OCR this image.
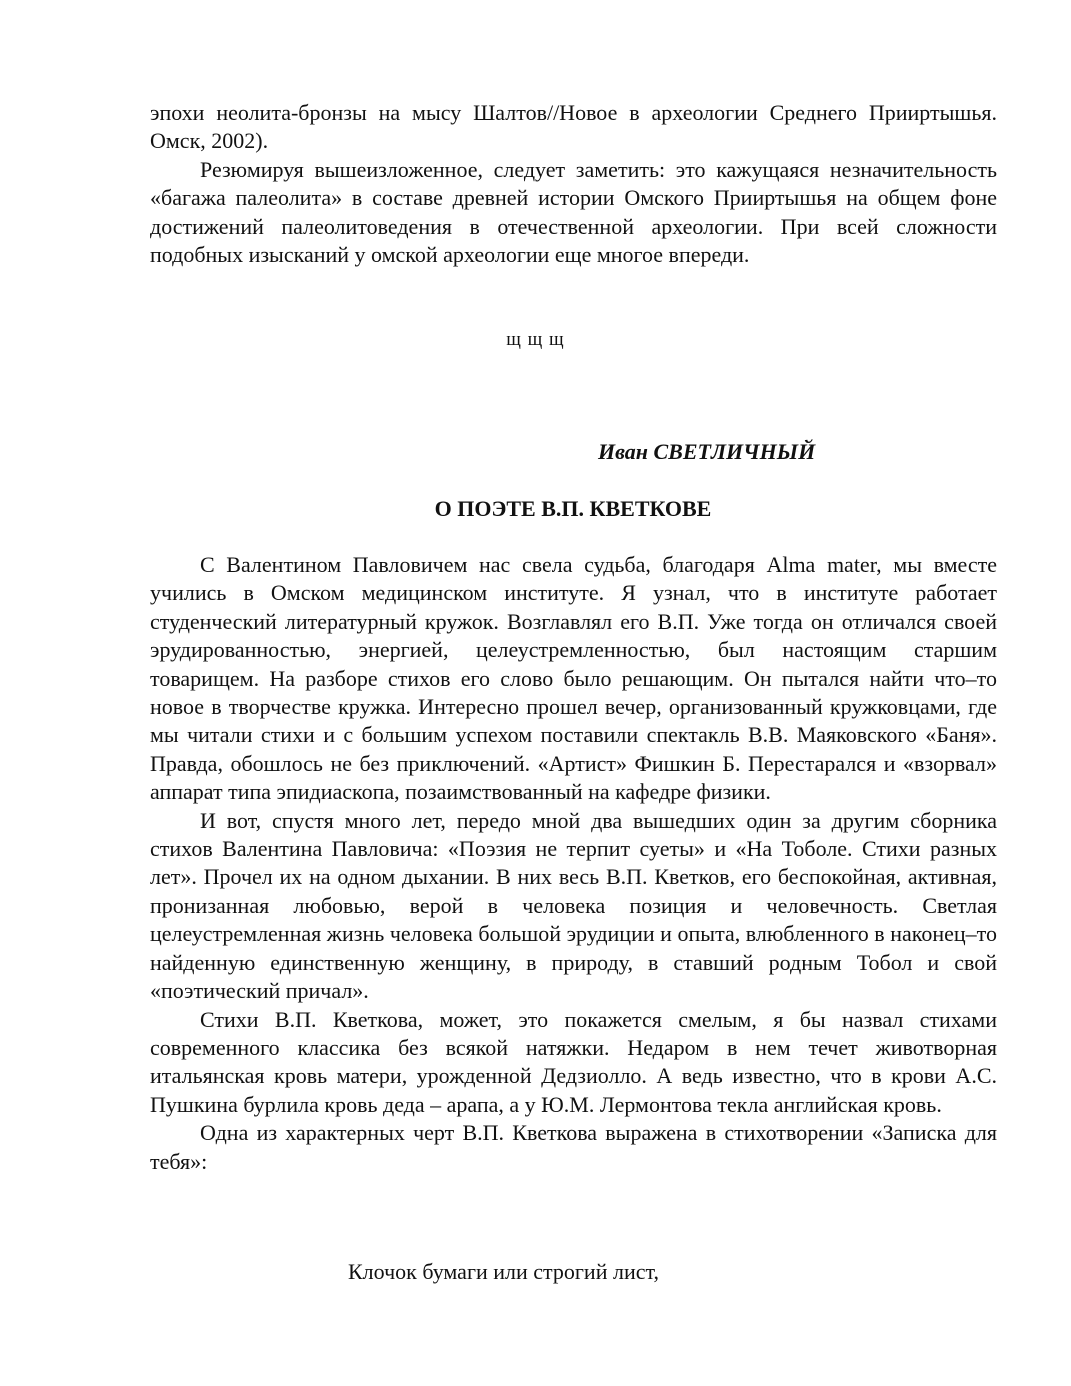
эпохи неолита-бронзы на мысу Шалтов//Новое в археологии Среднего Прииртышья. Омск, 2002).

Резюмируя вышеизложенное, следует заметить: это кажущаяся незначительность «багажа палеолита» в составе древней истории Омского Прииртышья на общем фоне достижений палеолитоведения в отечественной археологии. При всей сложности подобных изысканий у омской археологии еще многое впереди.

щ щ щ
Иван СВЕТЛИЧНЫЙ
О ПОЭТЕ В.П. КВЕТКОВЕ

С Валентином Павловичем нас свела судьба, благодаря Alma mater, мы вместе учились в Омском медицинском институте. Я узнал, что в институте работает студенческий литературный кружок. Возглавлял его В.П. Уже тогда он отличался своей эрудированностью, энергией, целеустремленностью, был настоящим старшим товарищем. На разборе стихов его слово было решающим. Он пытался найти что–то новое в творчестве кружка. Интересно прошел вечер, организованный кружковцами, где мы читали стихи и с большим успехом поставили спектакль В.В. Маяковского «Баня». Правда, обошлось не без приключений. «Артист» Фишкин Б. Перестарался и «взорвал» аппарат типа эпидиаскопа, позаимствованный на кафедре физики.

И вот, спустя много лет, передо мной два вышедших один за другим сборника стихов Валентина Павловича: «Поэзия не терпит суеты» и «На Тоболе. Стихи разных лет». Прочел их на одном дыхании. В них весь В.П. Кветков, его беспокойная, активная, пронизанная любовью, верой в человека позиция и человечность. Светлая целеустремленная жизнь человека большой эрудиции и опыта, влюбленного в наконец–то найденную единственную женщину, в природу, в ставший родным Тобол и свой «поэтический причал».

Стихи В.П. Кветкова, может, это покажется смелым, я бы назвал стихами современного классика без всякой натяжки. Недаром в нем течет животворная итальянская кровь матери, урожденной Дедзиолло. А ведь известно, что в крови А.С. Пушкина бурлила кровь деда – арапа, а у Ю.М. Лермонтова текла английская кровь.

Одна из характерных черт В.П. Кветкова выражена в стихотворении «Записка для тебя»:

Клочок бумаги или строгий лист,
